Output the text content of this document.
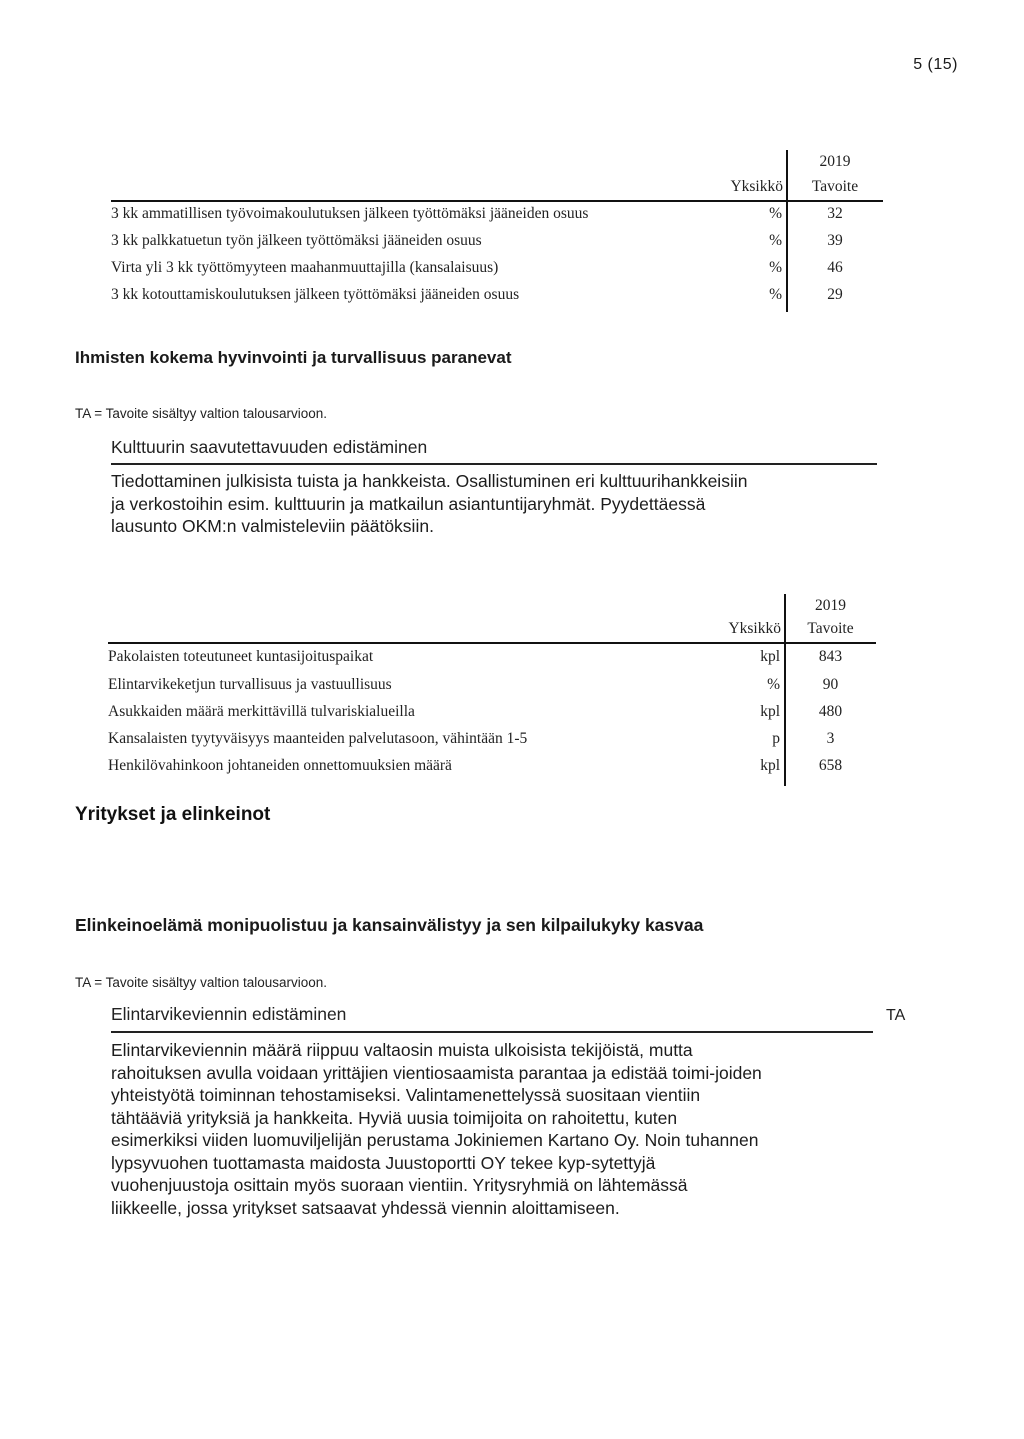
5 (15)
2019
Yksikkö	Tavoite
3 kk ammatillisen työvoimakoulutuksen jälkeen työttömäksi jääneiden osuus	%	32
3 kk palkkatuetun työn jälkeen työttömäksi jääneiden osuus	%	39
Virta yli 3 kk työttömyyteen maahanmuuttajilla (kansalaisuus)	%	46
3 kk kotouttamiskoulutuksen jälkeen työttömäksi jääneiden osuus	%	29
Ihmisten kokema hyvinvointi ja turvallisuus paranevat
TA = Tavoite sisältyy valtion talousarvioon.
Kulttuurin saavutettavuuden edistäminen
Tiedottaminen julkisista tuista ja hankkeista. Osallistuminen eri kulttuurihankkeisiin
ja verkostoihin esim. kulttuurin ja matkailun asiantuntijaryhmät. Pyydettäessä
lausunto OKM:n valmisteleviin päätöksiin.
2019
Yksikkö	Tavoite
Pakolaisten toteutuneet kuntasijoituspaikat	kpl	843
Elintarvikeketjun turvallisuus ja vastuullisuus	%	90
Asukkaiden määrä merkittävillä tulvariskialueilla	kpl	480
Kansalaisten tyytyväisyys maanteiden palvelutasoon, vähintään 1-5	p	3
Henkilövahinkoon johtaneiden onnettomuuksien määrä	kpl	658
Yritykset ja elinkeinot
Elinkeinoelämä monipuolistuu ja kansainvälistyy ja sen kilpailukyky kasvaa
TA = Tavoite sisältyy valtion talousarvioon.
Elintarvikeviennin edistäminen	TA
Elintarvikeviennin määrä riippuu valtaosin muista ulkoisista tekijöistä, mutta
rahoituksen avulla voidaan yrittäjien vientiosaamista parantaa ja edistää toimi-joiden
yhteistyötä toiminnan tehostamiseksi. Valintamenettelyssä suositaan vientiin
tähtääviä yrityksiä ja hankkeita. Hyviä uusia toimijoita on rahoitettu, kuten
esimerkiksi viiden luomuviljelijän perustama Jokiniemen Kartano Oy. Noin tuhannen
lypsyvuohen tuottamasta maidosta Juustoportti OY tekee kyp-sytettyjä
vuohenjuustoja osittain myös suoraan vientiin. Yritysryhmiä on lähtemässä
liikkeelle, jossa yritykset satsaavat yhdessä viennin aloittamiseen.
